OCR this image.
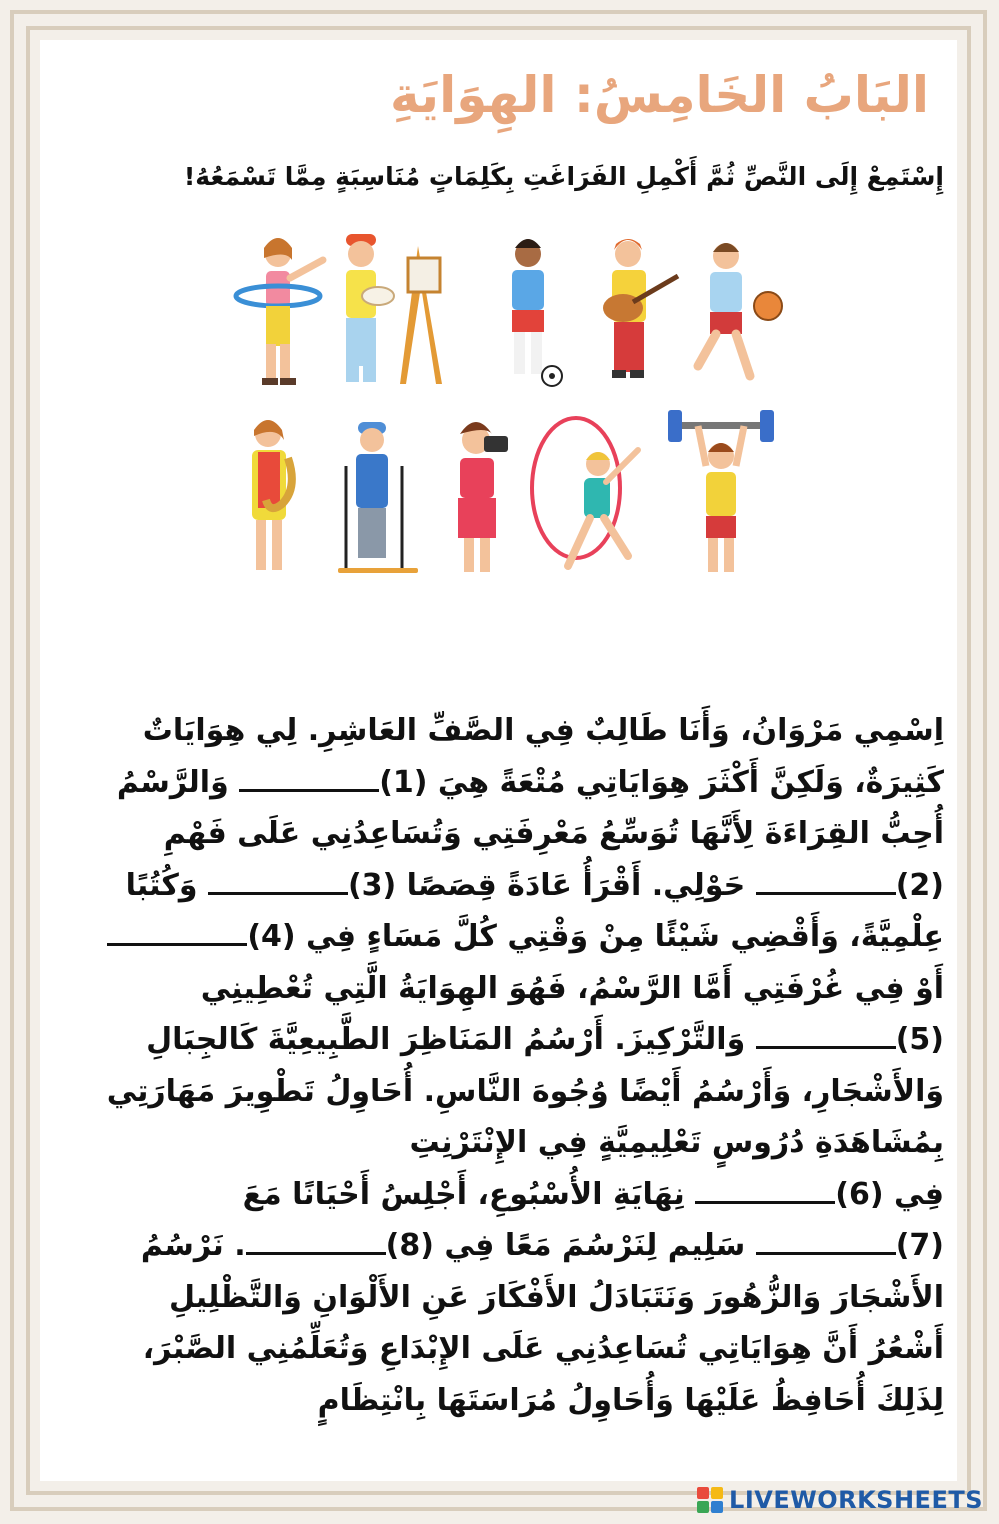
البَابُ الخَامِسُ: الهِوَايَةِ
إِسْتَمِعْ إِلَى النَّصِّ ثُمَّ أَكْمِلِ الفَرَاغَتِ بِكَلِمَاتٍ مُنَاسِبَةٍ مِمَّا تَسْمَعُهُ!
اِسْمِي مَرْوَانُ، وَأَنَا طَالِبٌ فِي الصَّفِّ العَاشِرِ. لِي هِوَايَاتٌ
كَثِيرَةٌ، وَلَكِنَّ أَكْثَرَ هِوَايَاتِي مُتْعَةً هِيَ (1) وَالرَّسْمُ
أُحِبُّ القِرَاءَةَ لِأَنَّهَا تُوَسِّعُ مَعْرِفَتِي وَتُسَاعِدُنِي عَلَى فَهْمِ
(2) حَوْلِي. أَقْرَأُ عَادَةً قِصَصًا (3) وَكُتُبًا
عِلْمِيَّةً، وَأَقْضِي شَيْئًا مِنْ وَقْتِي كُلَّ مَسَاءٍ فِي (4)
أَوْ فِي غُرْفَتِي أَمَّا الرَّسْمُ، فَهُوَ الهِوَايَةُ الَّتِي تُعْطِينِي
(5) وَالتَّرْكِيزَ. أَرْسُمُ المَنَاظِرَ الطَّبِيعِيَّةَ كَالجِبَالِ
وَالأَشْجَارِ، وَأَرْسُمُ أَيْضًا وُجُوهَ النَّاسِ. أُحَاوِلُ تَطْوِيرَ مَهَارَتِي
بِمُشَاهَدَةِ دُرُوسٍ تَعْلِيمِيَّةٍ فِي الإِنْتَرْنِتِ
فِي (6) نِهَايَةِ الأُسْبُوعِ، أَجْلِسُ أَحْيَانًا مَعَ
(7) سَلِيم لِنَرْسُمَ مَعًا فِي (8). نَرْسُمُ
الأَشْجَارَ وَالزُّهُورَ وَنَتَبَادَلُ الأَفْكَارَ عَنِ الأَلْوَانِ وَالتَّظْلِيلِ
أَشْعُرُ أَنَّ هِوَايَاتِي تُسَاعِدُنِي عَلَى الإِبْدَاعِ وَتُعَلِّمُنِي الصَّبْرَ،
لِذَلِكَ أُحَافِظُ عَلَيْهَا وَأُحَاوِلُ مُرَاسَتَهَا بِانْتِظَامٍ
LIVEWORKSHEETS
